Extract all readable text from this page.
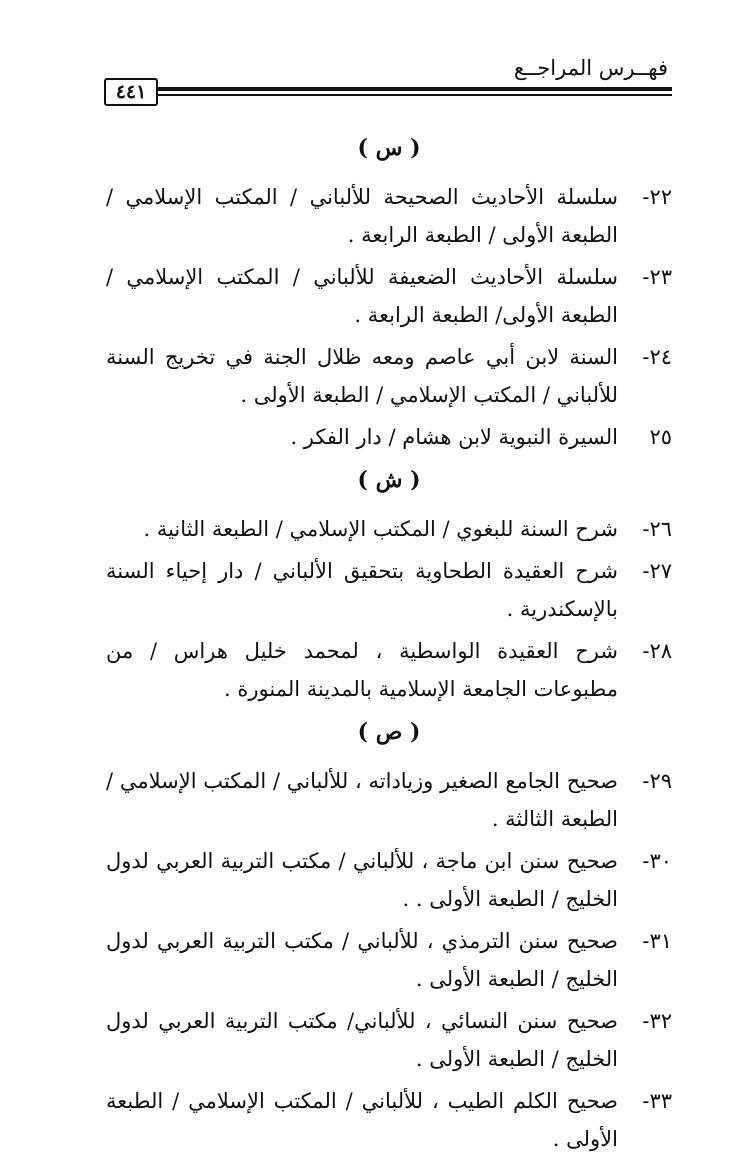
فهــرس المراجــع
٤٤١
( س )
٢٢-
سلسلة الأحاديث الصحيحة للألباني / المكتب الإسلامي / الطبعة الأولى / الطبعة الرابعة .
٢٣-
سلسلة الأحاديث الضعيفة للألباني / المكتب الإسلامي / الطبعة الأولى/ الطبعة الرابعة .
٢٤-
السنة لابن أبي عاصم ومعه ظلال الجنة في تخريج السنة للألباني / المكتب الإسلامي / الطبعة الأولى .
٢٥
السيرة النبوية لابن هشام / دار الفكر .
( ش )
٢٦-
شرح السنة للبغوي / المكتب الإسلامي / الطبعة الثانية .
٢٧-
شرح العقيدة الطحاوية بتحقيق الألباني / دار إحياء السنة بالإسكندرية .
٢٨-
شرح العقيدة الواسطية ، لمحمد خليل هراس / من مطبوعات الجامعة الإسلامية بالمدينة المنورة .
( ص )
٢٩-
صحيح الجامع الصغير وزياداته ، للألباني / المكتب الإسلامي / الطبعة الثالثة .
٣٠-
صحيح سنن ابن ماجة ، للألباني / مكتب التربية العربي لدول الخليج / الطبعة الأولى . .
٣١-
صحيح سنن الترمذي ، للألباني / مكتب التربية العربي لدول الخليج / الطبعة الأولى .
٣٢-
صحيح سنن النسائي ، للألباني/ مكتب التربية العربي لدول الخليج / الطبعة الأولى .
٣٣-
صحيح الكلم الطيب ، للألباني / المكتب الإسلامي / الطبعة الأولى .
